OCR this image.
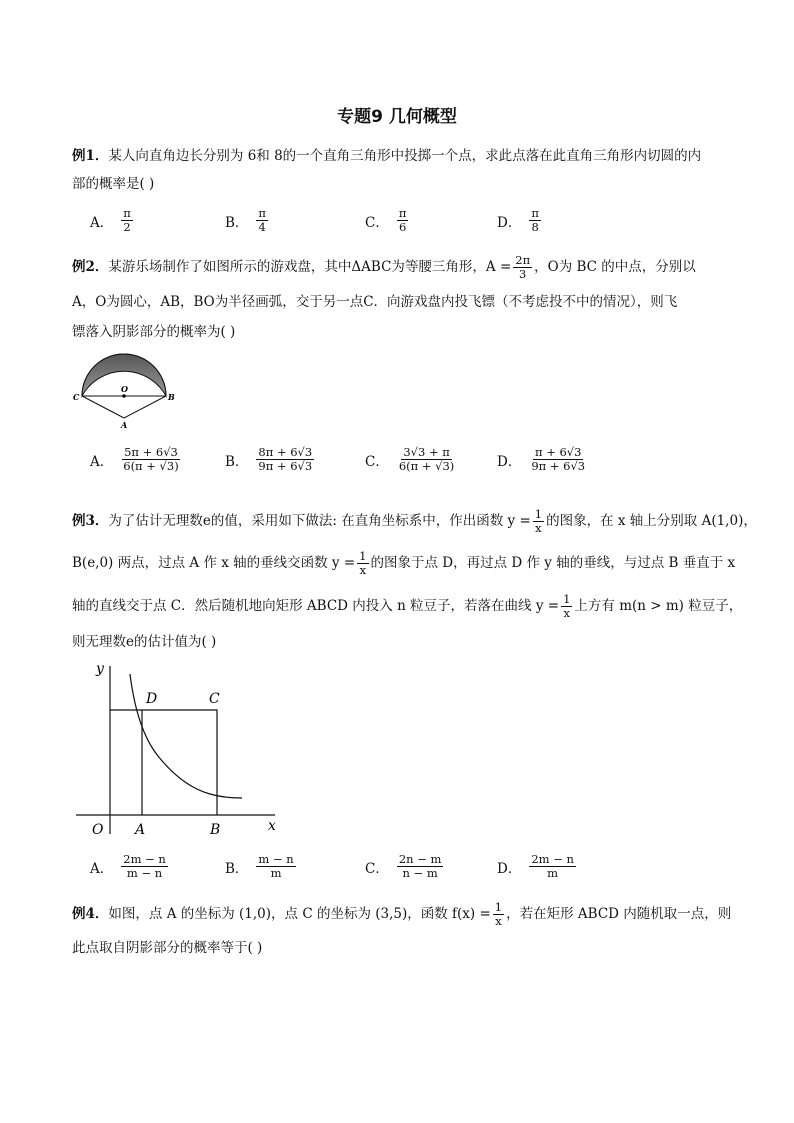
专题9 几何概型
例1．某人向直角边长分别为 6和 8的一个直角三角形中投掷一个点，求此点落在此直角三角形内切圆的内
部的概率是( )
A． $\frac{\pi}{2}$	B． $\frac{\pi}{4}$	C． $\frac{\pi}{6}$	D． $\frac{\pi}{8}$
例2．某游乐场制作了如图所示的游戏盘，其中ΔABC为等腰三角形，$A = \frac{2\pi}{3}$ ，O为 BC 的中点，分别以
A，O为圆心，AB，BO为半径画弧，交于另一点C．向游戏盘内投飞镖（不考虑投不中的情况），则飞
镖落入阴影部分的概率为( )
C
O
B
A
A． $\frac{5\pi + 6√3}{6(\pi + √3)}$	B． $\frac{8\pi + 6√3}{9\pi + 6√3}$	C． $\frac{3√3 + \pi}{6(\pi + √3)}$	D． $\frac{\pi + 6√3}{9\pi + 6√3}$
例3．为了估计无理数e的值，采用如下做法: 在直角坐标系中，作出函数 $y = \frac{1}{x}$ 的图象，在 x 轴上分别取 A(1,0)，
B(e,0) 两点，过点 A 作 x 轴的垂线交函数 $y = \frac{1}{x}$ 的图象于点 D，再过点 D 作 y 轴的垂线，与过点 B 垂直于 x
轴的直线交于点 C．然后随机地向矩形 ABCD 内投入 n 粒豆子，若落在曲线 $y = \frac{1}{x}$ 上方有 m(n > m) 粒豆子，
则无理数e的估计值为( )
y
D	C
O A	B	x
A． $\frac{2m - n}{m - n}$	B． $\frac{m - n}{m}$	C． $\frac{2n - m}{n - m}$	D． $\frac{2m - n}{m}$
例4．如图，点 A 的坐标为 (1,0)，点 C 的坐标为 (3,5)，函数 $f(x) = \frac{1}{x}$ ，若在矩形 ABCD 内随机取一点，则
此点取自阴影部分的概率等于( )
